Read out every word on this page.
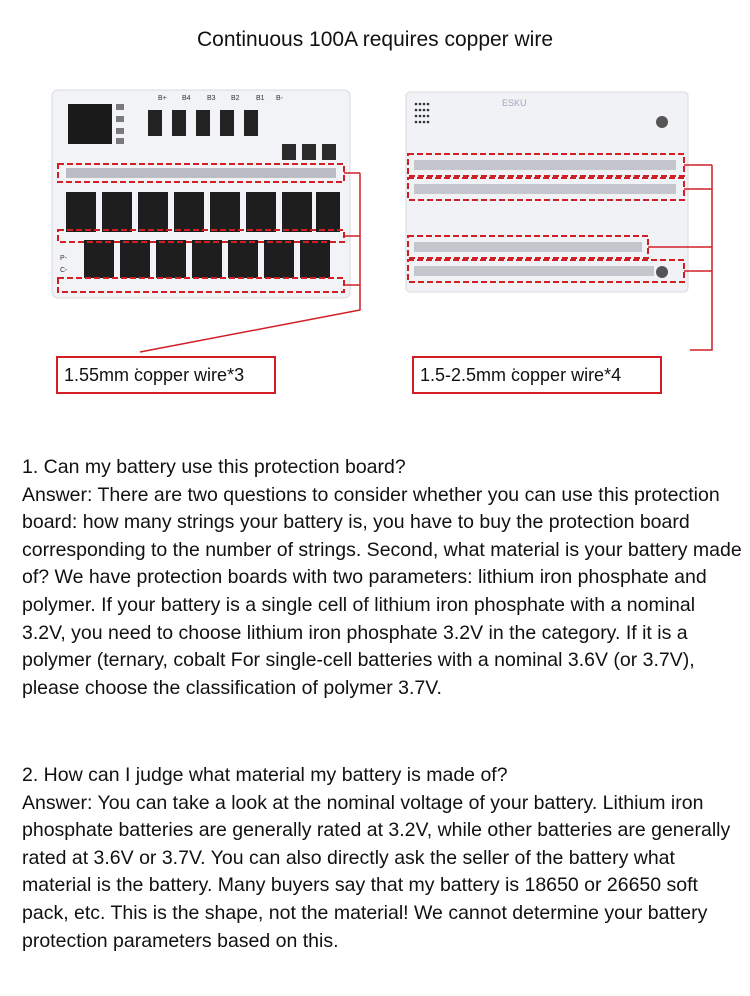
Continuous 100A requires copper wire
B+ B4 B3 B2 B1 B-
P-
C-
ESKU
1.55mm ͘copper wire*3	1.5-2.5mm ͘copper wire*4

1. Can my battery use this protection board?

Answer: There are two questions to consider whether you can use this protection board: how many strings your battery is, you have to buy the protection board corresponding to the number of strings. Second, what material is your battery made of? We have protection boards with two parameters: lithium iron phosphate and polymer. If your battery is a single cell of lithium iron phosphate with a nominal 3.2V, you need to choose lithium iron phosphate 3.2V in the category. If it is a polymer (ternary, cobalt For single-cell batteries with a nominal 3.6V (or 3.7V), please choose the classification of polymer 3.7V.

2. How can I judge what material my battery is made of?

Answer: You can take a look at the nominal voltage of your battery. Lithium iron phosphate batteries are generally rated at 3.2V, while other batteries are generally rated at 3.6V or 3.7V. You can also directly ask the seller of the battery what material is the battery. Many buyers say that my battery is 18650 or 26650 soft pack, etc. This is the shape, not the material! We cannot determine your battery protection parameters based on this.
